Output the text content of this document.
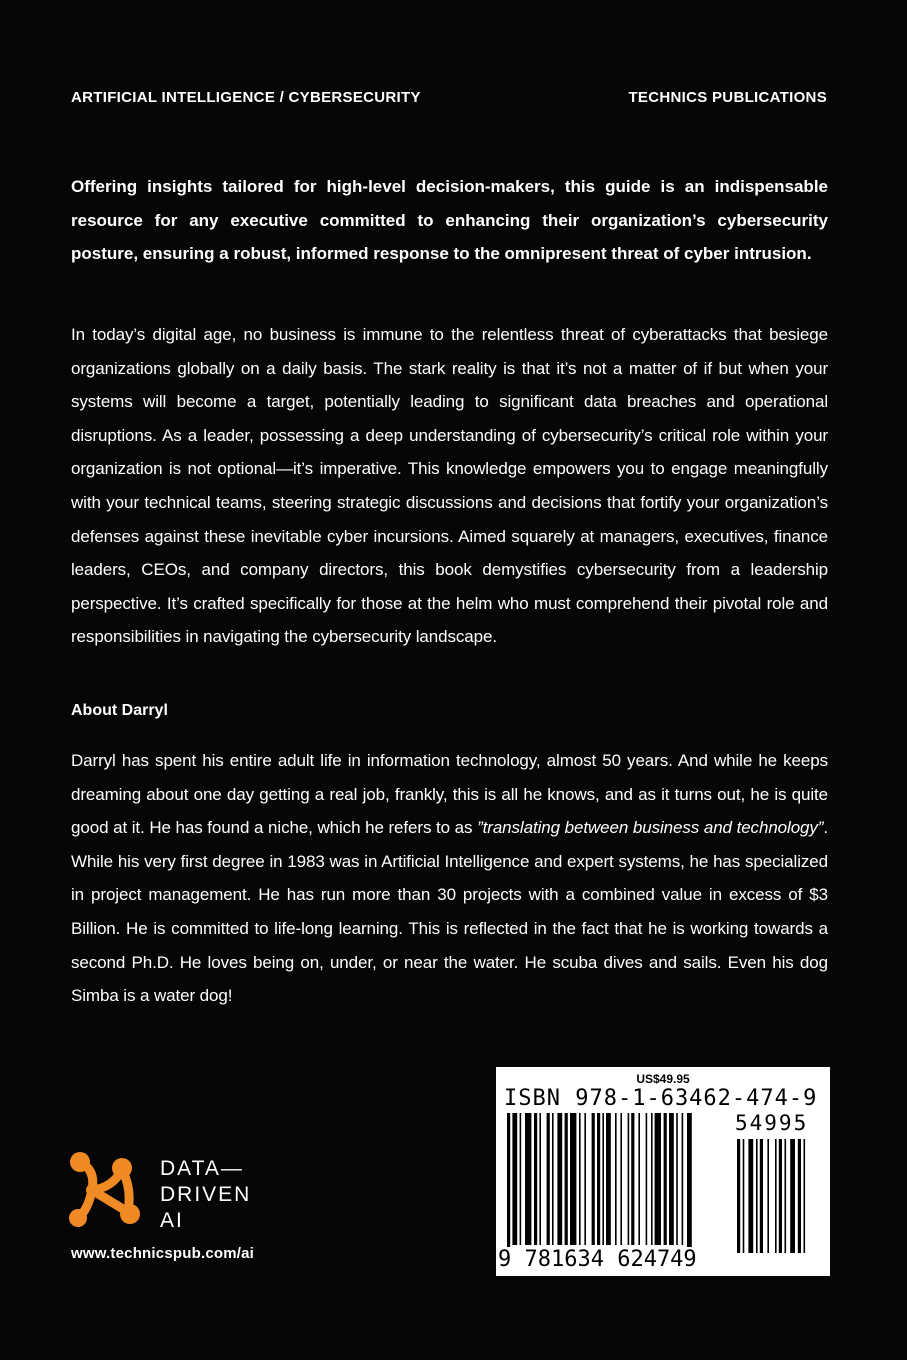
ARTIFICIAL INTELLIGENCE / CYBERSECURITY	TECHNICS PUBLICATIONS

Offering insights tailored for high-level decision-makers, this guide is an indispensable resource for any executive committed to enhancing their organization’s cybersecurity posture, ensuring a robust, informed response to the omnipresent threat of cyber intrusion.

In today’s digital age, no business is immune to the relentless threat of cyberattacks that besiege organizations globally on a daily basis. The stark reality is that it’s not a matter of if but when your systems will become a target, potentially leading to significant data breaches and operational disruptions. As a leader, possessing a deep understanding of cybersecurity’s critical role within your organization is not optional—it’s imperative. This knowledge empowers you to engage meaningfully with your technical teams, steering strategic discussions and decisions that fortify your organization’s defenses against these inevitable cyber incursions. Aimed squarely at managers, executives, finance leaders, CEOs, and company directors, this book demystifies cybersecurity from a leadership perspective. It’s crafted specifically for those at the helm who must comprehend their pivotal role and responsibilities in navigating the cybersecurity landscape.

About Darryl

Darryl has spent his entire adult life in information technology, almost 50 years. And while he keeps dreaming about one day getting a real job, frankly, this is all he knows, and as it turns out, he is quite good at it. He has found a niche, which he refers to as ”translating between business and technology”. While his very first degree in 1983 was in Artificial Intelligence and expert systems, he has specialized in project management. He has run more than 30 projects with a combined value in excess of $3 Billion. He is committed to life-long learning. This is reflected in the fact that he is working towards a second Ph.D. He loves being on, under, or near the water. He scuba dives and sails. Even his dog Simba is a water dog!

DATA—
DRIVEN
AI
www.technicspub.com/ai
US$49.95
ISBN 978-1-63462-474-9
54995
9 781634 624749
